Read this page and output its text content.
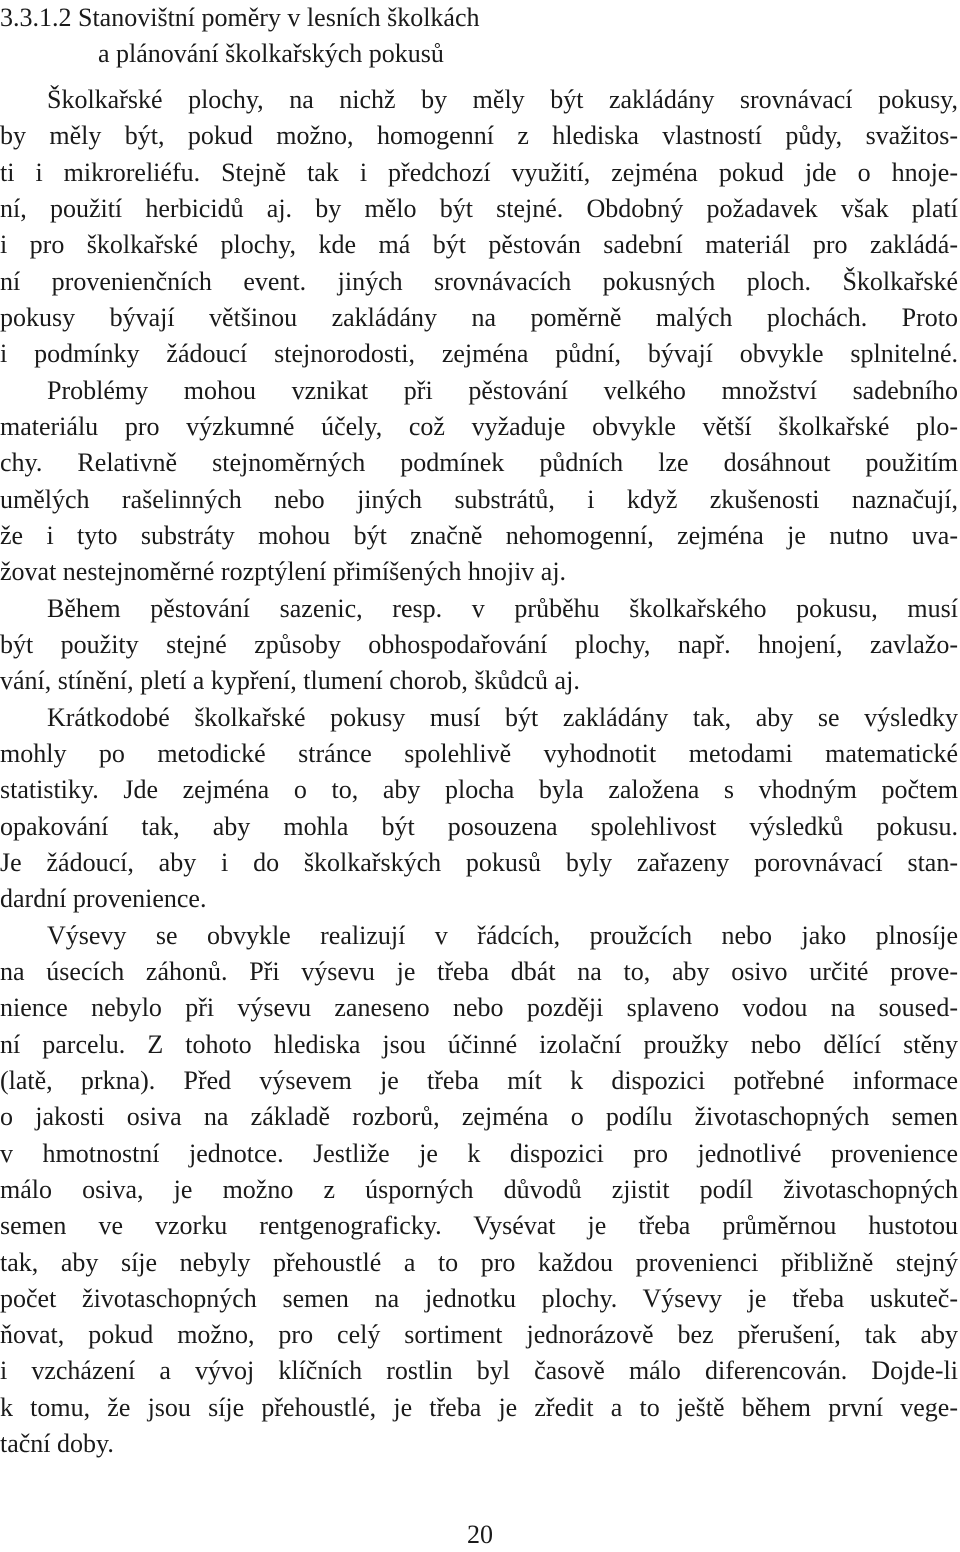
3.3.1.2 Stanovištní poměry v lesních školkách
a plánování školkařských pokusů
Školkařské plochy, na nichž by měly být zakládány srovnávací pokusy,
by měly být, pokud možno, homogenní z hlediska vlastností půdy, svažitos-
ti i mikroreliéfu. Stejně tak i předchozí využití, zejména pokud jde o hnoje-
ní, použití herbicidů aj. by mělo být stejné. Obdobný požadavek však platí
i pro školkařské plochy, kde má být pěstován sadební materiál pro zakládá-
ní provenienčních event. jiných srovnávacích pokusných ploch. Školkařské
pokusy bývají většinou zakládány na poměrně malých plochách. Proto
i podmínky žádoucí stejnorodosti, zejména půdní, bývají obvykle splnitelné.
Problémy mohou vznikat při pěstování velkého množství sadebního
materiálu pro výzkumné účely, což vyžaduje obvykle větší školkařské plo-
chy. Relativně stejnoměrných podmínek půdních lze dosáhnout použitím
umělých rašelinných nebo jiných substrátů, i když zkušenosti naznačují,
že i tyto substráty mohou být značně nehomogenní, zejména je nutno uva-
žovat nestejnoměrné rozptýlení přimíšených hnojiv aj.
Během pěstování sazenic, resp. v průběhu školkařského pokusu, musí
být použity stejné způsoby obhospodařování plochy, např. hnojení, zavlažo-
vání, stínění, pletí a kypření, tlumení chorob, škůdců aj.
Krátkodobé školkařské pokusy musí být zakládány tak, aby se výsledky
mohly po metodické stránce spolehlivě vyhodnotit metodami matematické
statistiky. Jde zejména o to, aby plocha byla založena s vhodným počtem
opakování tak, aby mohla být posouzena spolehlivost výsledků pokusu.
Je žádoucí, aby i do školkařských pokusů byly zařazeny porovnávací stan-
dardní provenience.
Výsevy se obvykle realizují v řádcích, proužcích nebo jako plnosíje
na úsecích záhonů. Při výsevu je třeba dbát na to, aby osivo určité prove-
nience nebylo při výsevu zaneseno nebo později splaveno vodou na soused-
ní parcelu. Z tohoto hlediska jsou účinné izolační proužky nebo dělící stěny
(latě, prkna). Před výsevem je třeba mít k dispozici potřebné informace
o jakosti osiva na základě rozborů, zejména o podílu životaschopných semen
v hmotnostní jednotce. Jestliže je k dispozici pro jednotlivé provenience
málo osiva, je možno z úsporných důvodů zjistit podíl životaschopných
semen ve vzorku rentgenograficky. Vysévat je třeba průměrnou hustotou
tak, aby síje nebyly přehoustlé a to pro každou provenienci přibližně stejný
počet životaschopných semen na jednotku plochy. Výsevy je třeba uskuteč-
ňovat, pokud možno, pro celý sortiment jednorázově bez přerušení, tak aby
i vzcházení a vývoj klíčních rostlin byl časově málo diferencován. Dojde-li
k tomu, že jsou síje přehoustlé, je třeba je zředit a to ještě během první vege-
tační doby.
20
